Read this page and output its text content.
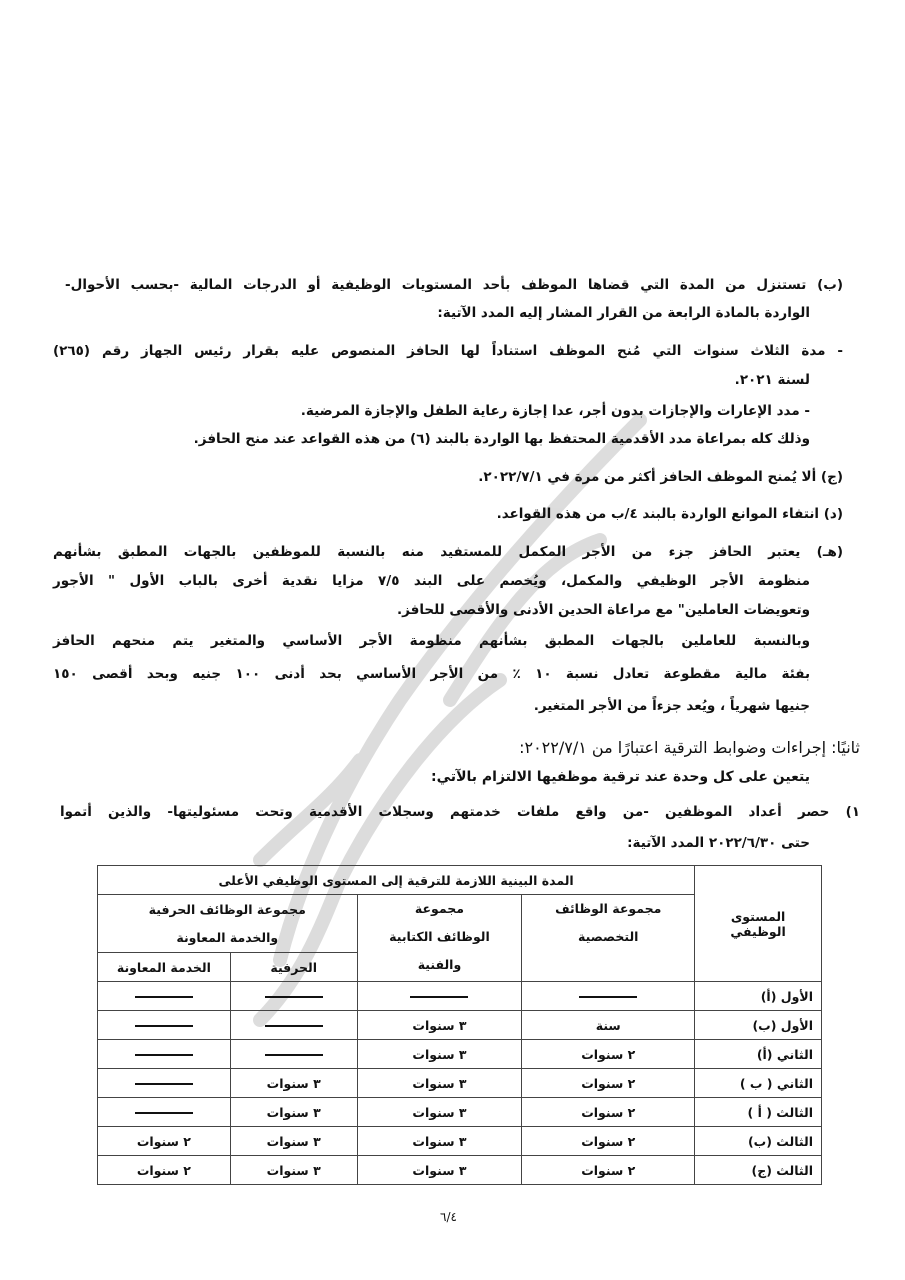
(ب) تستنزل من المدة التي قضاها الموظف بأحد المستويات الوظيفية أو الدرجات المالية -بحسب الأحوال-
الواردة بالمادة الرابعة من القرار المشار إليه المدد الآتية:
- مدة الثلاث سنوات التي مُنح الموظف استناداً لها الحافز المنصوص عليه بقرار رئيس الجهاز رقم (٢٦٥)
لسنة ٢٠٢١.
- مدد الإعارات والإجازات بدون أجر، عدا إجازة رعاية الطفل والإجازة المرضية.
وذلك كله بمراعاة مدد الأقدمية المحتفظ بها الواردة بالبند (٦) من هذه القواعد عند منح الحافز.
(ج) ألا يُمنح الموظف الحافز أكثر من مرة في ٢٠٢٢/٧/١.
(د) انتفاء الموانع الواردة بالبند ٤/ب من هذه القواعد.
(هـ) يعتبر الحافز جزء من الأجر المكمل للمستفيد منه بالنسبة للموظفين بالجهات المطبق بشأنهم
منظومة الأجر الوظيفي والمكمل، ويُخصم على البند ٧/٥ مزايا نقدية أخرى بالباب الأول " الأجور
وتعويضات العاملين" مع مراعاة الحدين الأدنى والأقصى للحافز.
وبالنسبة للعاملين بالجهات المطبق بشأنهم منظومة الأجر الأساسي والمتغير يتم منحهم الحافز
بفئة مالية مقطوعة تعادل نسبة ١٠ ٪ من الأجر الأساسي بحد أدنى ١٠٠ جنيه وبحد أقصى ١٥٠
جنيها شهرياً ، ويُعد جزءاً من الأجر المتغير.
ثانيًا: إجراءات وضوابط الترقية اعتبارًا من ٢٠٢٢/٧/١:
يتعين على كل وحدة عند ترقية موظفيها الالتزام بالآتي:
١) حصر أعداد الموظفين -من واقع ملفات خدمتهم وسجلات الأقدمية وتحت مسئوليتها- والذين أتموا
حتى ٢٠٢٢/٦/٣٠ المدد الآتية:
المستوى الوظيفي	المدة البينية اللازمة للترقية إلى المستوى الوظيفي الأعلى			
	مجموعة الوظائف التخصصية	مجموعة الوظائف الكتابية والفنية	مجموعة الوظائف الحرفية والخدمة المعاونة	
			الحرفية	الخدمة المعاونة
الأول (أ)				
الأول (ب)	سنة	٣ سنوات		
الثاني (أ)	٢ سنوات	٣ سنوات		
الثاني ( ب )	٢ سنوات	٣ سنوات	٣ سنوات	
الثالث ( أ )	٢ سنوات	٣ سنوات	٣ سنوات	
الثالث (ب)	٢ سنوات	٣ سنوات	٣ سنوات	٢ سنوات
الثالث (ج)	٢ سنوات	٣ سنوات	٣ سنوات	٢ سنوات
٦/٤
